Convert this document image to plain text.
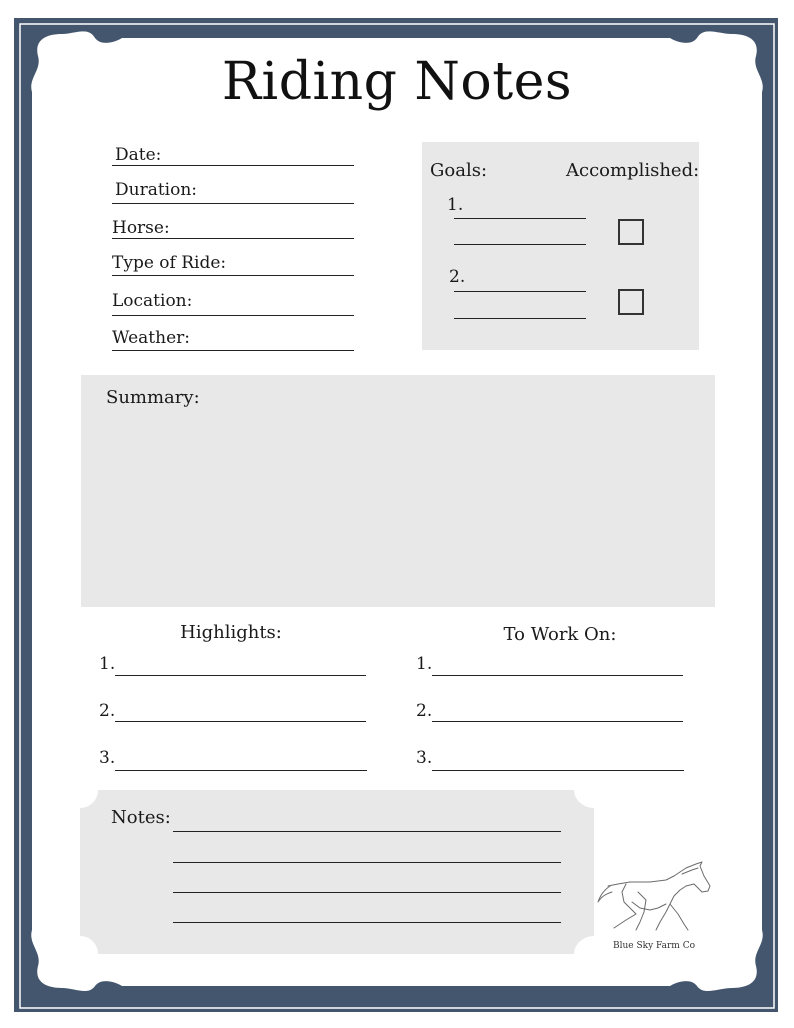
Riding Notes
Date:
Duration:
Horse:
Type of Ride:
Location:
Weather:
Goals:	Accomplished:
1.
2.
Summary:
Highlights:
1.
2.
3.
To Work On:
1.
2.
3.
Notes:
Blue Sky Farm Co
